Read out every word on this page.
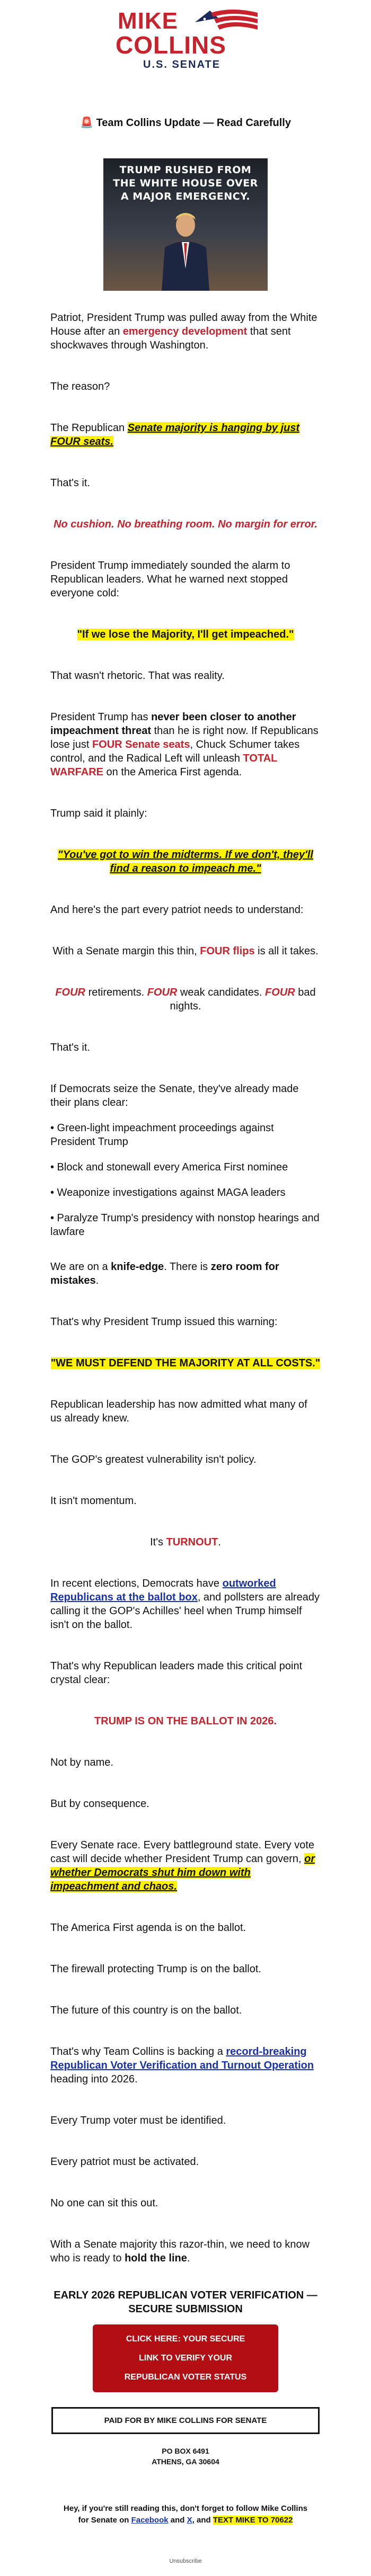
MIKE
COLLINS
U.S. SENATE
🚨 Team Collins Update — Read Carefully
TRUMP RUSHED FROM THE WHITE HOUSE OVER A MAJOR EMERGENCY.

Patriot, President Trump was pulled away from the White House after an emergency development that sent shockwaves through Washington.

The reason?

The Republican Senate majority is hanging by just FOUR seats.

That's it.

No cushion. No breathing room. No margin for error.

President Trump immediately sounded the alarm to Republican leaders. What he warned next stopped everyone cold:

"If we lose the Majority, I'll get impeached."

That wasn't rhetoric. That was reality.

President Trump has never been closer to another impeachment threat than he is right now. If Republicans lose just FOUR Senate seats, Chuck Schumer takes control, and the Radical Left will unleash TOTAL WARFARE on the America First agenda.

Trump said it plainly:

"You've got to win the midterms. If we don't, they'll find a reason to impeach me."

And here's the part every patriot needs to understand:

With a Senate margin this thin, FOUR flips is all it takes.

FOUR retirements. FOUR weak candidates. FOUR bad nights.

That's it.

If Democrats seize the Senate, they've already made their plans clear:

• Green-light impeachment proceedings against President Trump

• Block and stonewall every America First nominee

• Weaponize investigations against MAGA leaders

• Paralyze Trump's presidency with nonstop hearings and lawfare

We are on a knife-edge. There is zero room for mistakes.

That's why President Trump issued this warning:

"WE MUST DEFEND THE MAJORITY AT ALL COSTS."

Republican leadership has now admitted what many of us already knew.

The GOP's greatest vulnerability isn't policy.

It isn't momentum.

It's TURNOUT.

In recent elections, Democrats have outworked Republicans at the ballot box, and pollsters are already calling it the GOP's Achilles' heel when Trump himself isn't on the ballot.

That's why Republican leaders made this critical point crystal clear:

TRUMP IS ON THE BALLOT IN 2026.

Not by name.

But by consequence.

Every Senate race. Every battleground state. Every vote cast will decide whether President Trump can govern, or whether Democrats shut him down with impeachment and chaos.

The America First agenda is on the ballot.

The firewall protecting Trump is on the ballot.

The future of this country is on the ballot.

That's why Team Collins is backing a record-breaking Republican Voter Verification and Turnout Operation heading into 2026.

Every Trump voter must be identified.

Every patriot must be activated.

No one can sit this out.

With a Senate majority this razor-thin, we need to know who is ready to hold the line.

EARLY 2026 REPUBLICAN VOTER VERIFICATION — SECURE SUBMISSION

CLICK HERE: YOUR SECURE
LINK TO VERIFY YOUR
REPUBLICAN VOTER STATUS
PAID FOR BY MIKE COLLINS FOR SENATE
PO BOX 6491
ATHENS, GA 30604
Hey, if you're still reading this, don't forget to follow Mike Collins for Senate on Facebook and X, and TEXT MIKE TO 70622
Unsubscribe
